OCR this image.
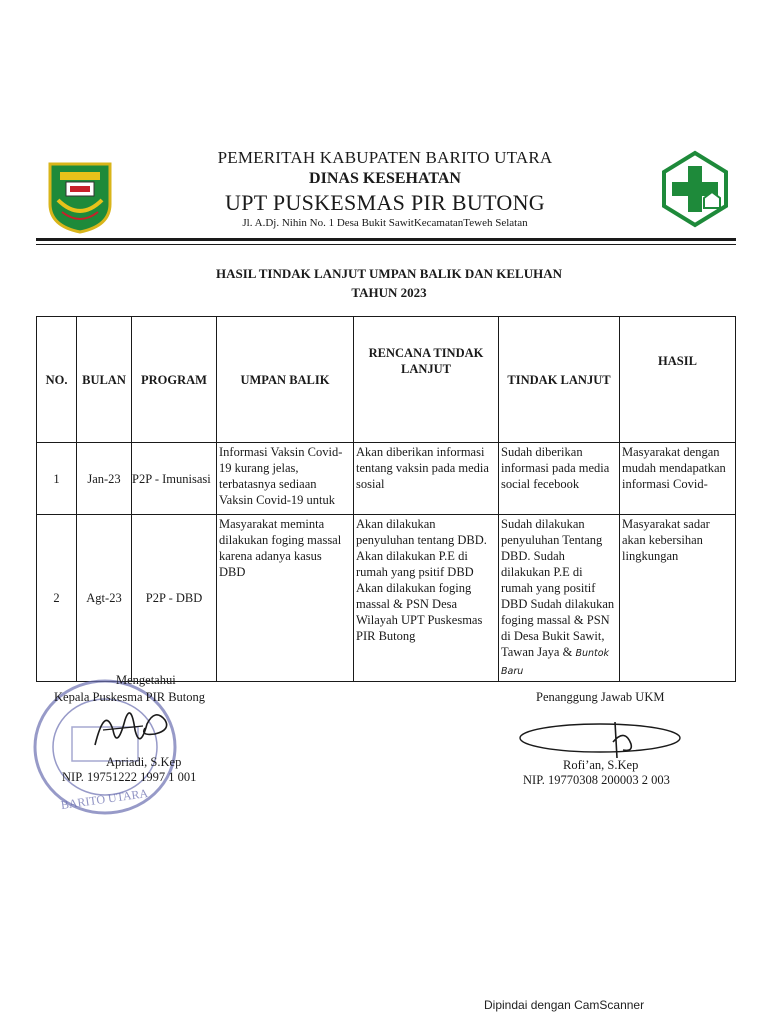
PEMERITAH KABUPATEN BARITO UTARA
DINAS KESEHATAN
UPT PUSKESMAS PIR BUTONG
Jl. A.Dj. Nihin No. 1 Desa Bukit SawitKecamatanTeweh Selatan
HASIL TINDAK LANJUT UMPAN BALIK DAN KELUHAN
TAHUN 2023
NO.	BULAN	PROGRAM	UMPAN BALIK	RENCANA TINDAK LANJUT	TINDAK LANJUT	HASIL
1	Jan-23	P2P - Imunisasi	Informasi Vaksin Covid-19 kurang jelas, terbatasnya sediaan Vaksin Covid-19 untuk	Akan diberikan informasi tentang vaksin pada media sosial	Sudah diberikan informasi pada media social fecebook	Masyarakat dengan mudah mendapatkan informasi Covid-

2	Agt-23	P2P - DBD	Masyarakat meminta dilakukan foging massal karena adanya kasus DBD	Akan dilakukan penyuluhan tentang DBD. Akan dilakukan P.E di rumah yang psitif DBD Akan dilakukan foging massal & PSN Desa Wilayah UPT Puskesmas PIR Butong	Sudah dilakukan penyuluhan Tentang DBD. Sudah dilakukan P.E di rumah yang positif DBD Sudah dilakukan foging massal & PSN di Desa Bukit Sawit, Tawan Jaya & Buntok Baru	Masyarakat sadar akan kebersihan lingkungan
BARITO UTARA
Mengetahui
Kepala Puskesma PIR Butong
Apriadi, S.Kep
NIP. 19751222 1997 1 001
Penanggung Jawab UKM
Rofi’an, S.Kep
NIP. 19770308 200003 2 003
Dipindai dengan CamScanner
